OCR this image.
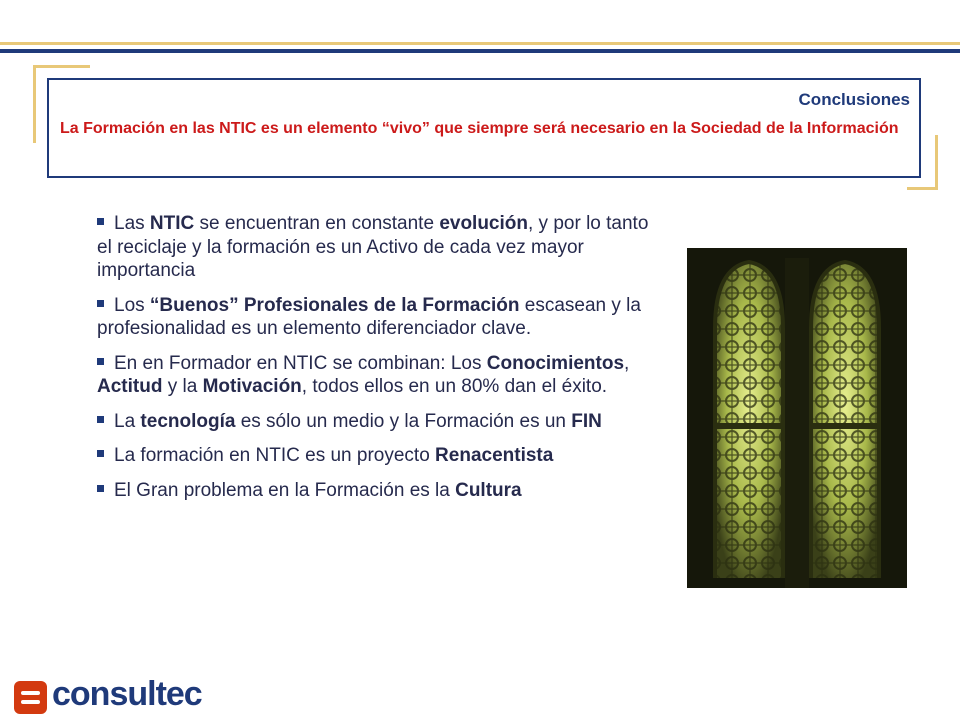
Conclusiones
La Formación en las NTIC es un elemento “vivo” que siempre será necesario en la Sociedad de la Información
Las NTIC se encuentran en constante evolución, y por lo tanto el reciclaje y la formación es un Activo de cada vez mayor importancia
Los “Buenos” Profesionales de la Formación escasean y la profesionalidad es un elemento diferenciador clave.
En en Formador en NTIC se combinan: Los Conocimientos, Actitud y la Motivación, todos ellos en un 80% dan el éxito.
La tecnología es sólo un medio y la Formación es un FIN
La formación en NTIC es un proyecto Renacentista
El Gran problema en la Formación es la Cultura
consultec
